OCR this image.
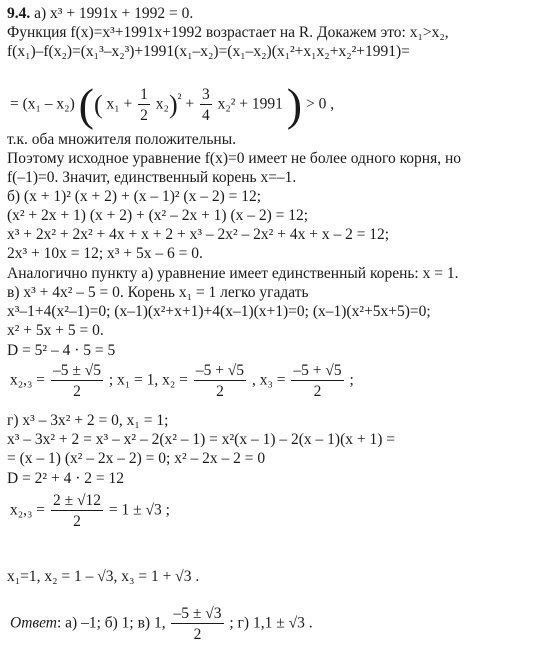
9.4. а) x³ + 1991x + 1992 = 0.
Функция f(x)=x³+1991x+1992 возрастает на R. Докажем это: x₁>x₂,
f(x₁)–f(x₂)=(x₁³–x₂³)+1991(x₁–x₂)=(x₁–x₂)(x₁²+x₁x₂+x₂²+1991)=
= (x₁ – x₂) (( $x_1 + \frac{1}{2} x_2)^{^2} + \frac{3}{4} x_2^2 + 1991$ ) > 0 ,
т.к. оба множителя положительны.
Поэтому исходное уравнение f(x)=0 имеет не более одного корня, но
f(–1)=0. Значит, единственный корень x=–1.
б) (x + 1)² (x + 2) + (x – 1)² (x – 2) = 12;
(x² + 2x + 1) (x + 2) + (x² – 2x + 1) (x – 2) = 12;
x³ + 2x² + 2x² + 4x + x + 2 + x³ – 2x² – 2x² + 4x + x – 2 = 12;
2x³ + 10x = 12; x³ + 5x – 6 = 0.
Аналогично пункту а) уравнение имеет единственный корень: x = 1.
в) x³ + 4x² – 5 = 0. Корень x₁ = 1 легко угадать
x³–1+4(x²–1)=0; (x–1)(x²+x+1)+4(x–1)(x+1)=0; (x–1)(x²+5x+5)=0;
x² + 5x + 5 = 0.
D = 5² – 4 · 5 = 5
$x_2,_3 = \frac{-5 \pm √5}{2}$ ; x₁ = 1, $x_2 = \frac{-5 + √5}{2}$ , $x_3 = \frac{-5 + √5}{2}$ ;
г) x³ – 3x² + 2 = 0, x₁ = 1;
x³ – 3x² + 2 = x³ – x² – 2(x² – 1) = x²(x – 1) – 2(x – 1)(x + 1) =
= (x – 1) (x² – 2x – 2) = 0; x² – 2x – 2 = 0
D = 2² + 4 · 2 = 12
$x_2,_3 = \frac{2 \pm √12}{2} = 1 \pm √3$ ;
x₁=1, x₂ = 1 – √3, x₃ = 1 + √3 .
Ответ: а) –1; б) 1; в) 1, $\frac{-5 \pm √3}{2}$ ; г) 1,1 ± √3 .
